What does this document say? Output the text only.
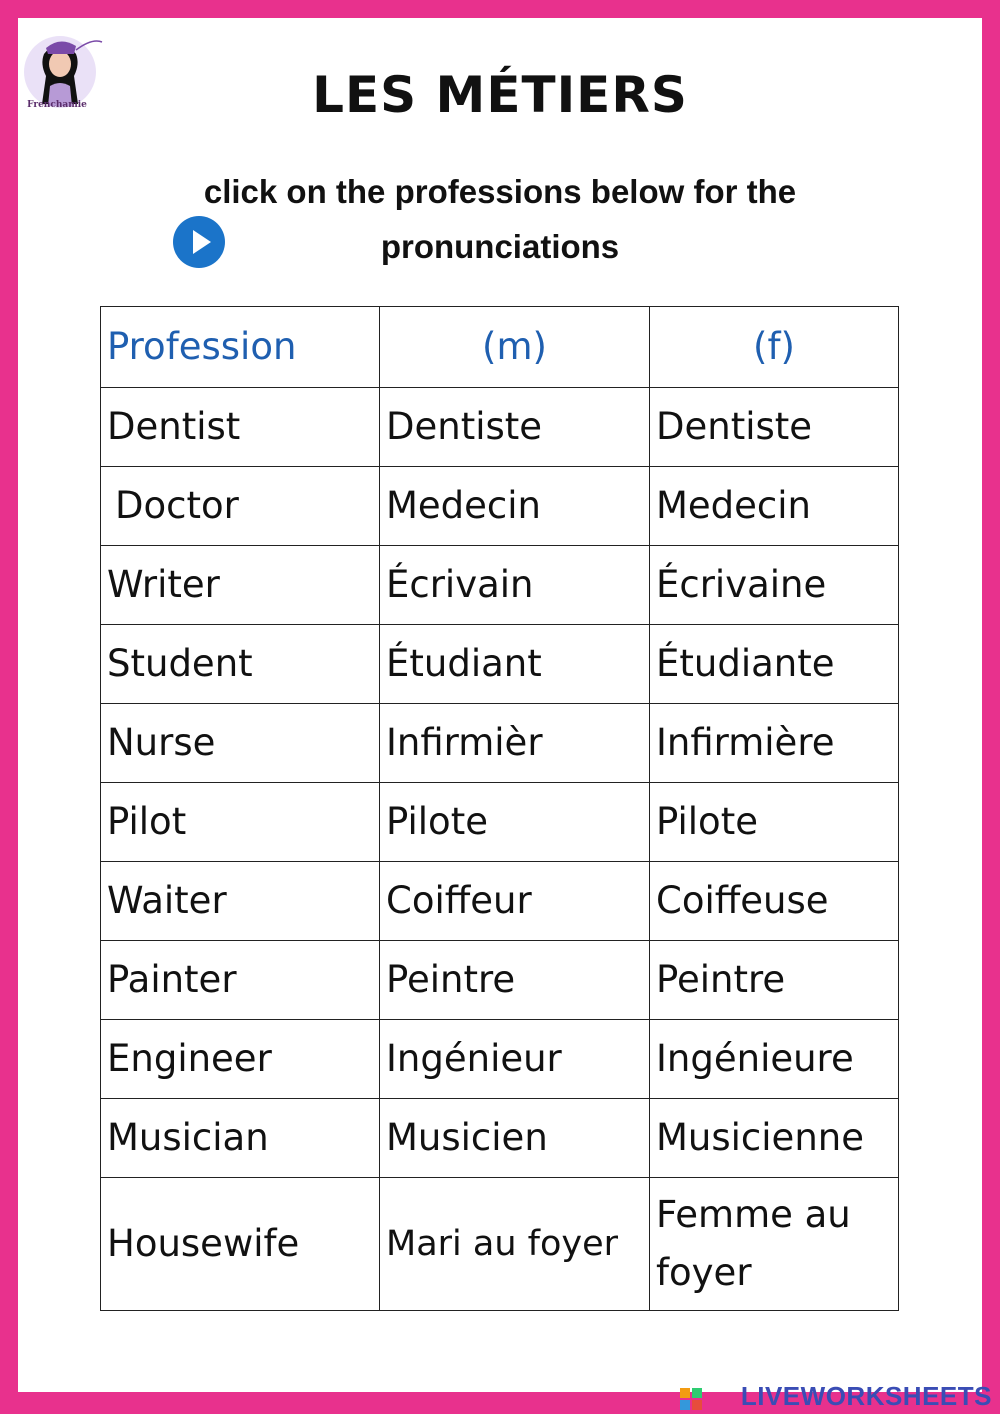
Frenchamie	LES MÉTIERS
click on the professions below for the pronunciations
Profession	(m)	(f)
Dentist	Dentiste	Dentiste
Doctor	Medecin	Medecin
Writer	Écrivain	Écrivaine
Student	Étudiant	Étudiante
Nurse	Infirmièr	Infirmière
Pilot	Pilote	Pilote
Waiter	Coiffeur	Coiffeuse
Painter	Peintre	Peintre
Engineer	Ingénieur	Ingénieure
Musician	Musicien	Musicienne
Housewife	Mari au foyer	Femme au foyer
LIVEWORKSHEETS
